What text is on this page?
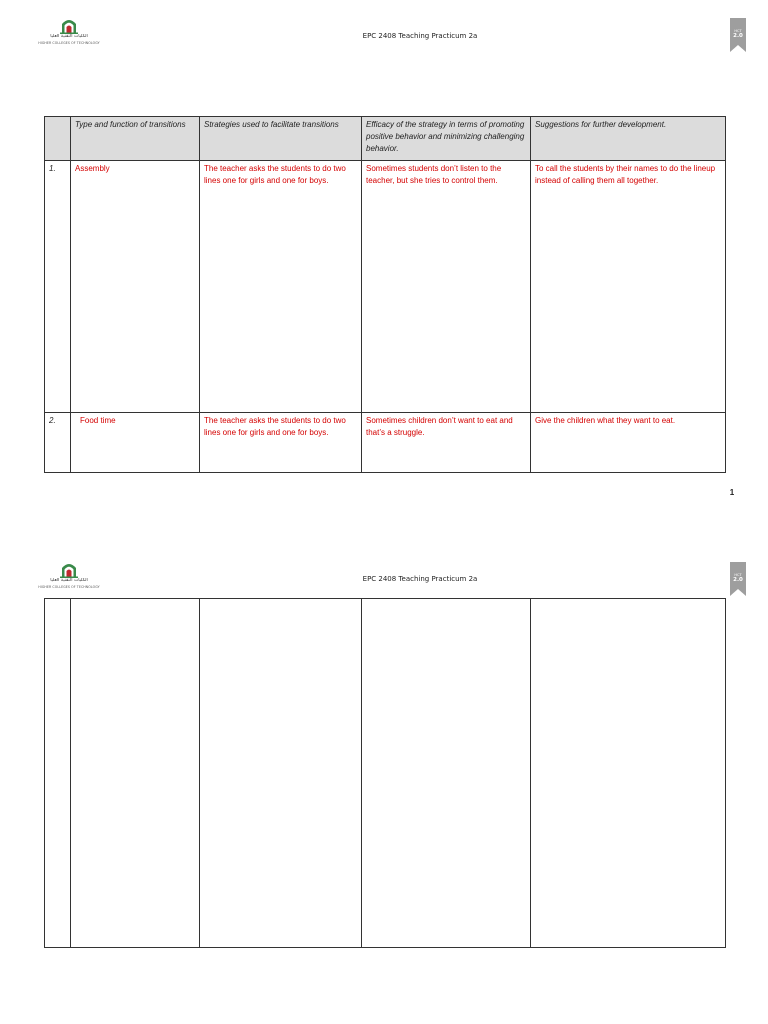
الكليات التقنية العليا
HIGHER COLLEGES OF TECHNOLOGY
EPC 2408 Teaching Practicum 2a
HCT
2.0
	Type and function of transitions	Strategies used to facilitate transitions	Efficacy of the strategy in terms of promoting positive behavior and minimizing challenging behavior.	Suggestions for further development.
1.	Assembly	The teacher asks the students to do two lines one for girls and one for boys.	Sometimes students don’t listen to the teacher, but she tries to control them.	To call the students by their names to do the lineup instead of calling them all together.
2.	Food time	The teacher asks the students to do two lines one for girls and one for boys.	Sometimes children don’t want to eat and that’s a struggle.	Give the children what they want to eat.
1
الكليات التقنية العليا
HIGHER COLLEGES OF TECHNOLOGY
EPC 2408 Teaching Practicum 2a	HCT
2.0
